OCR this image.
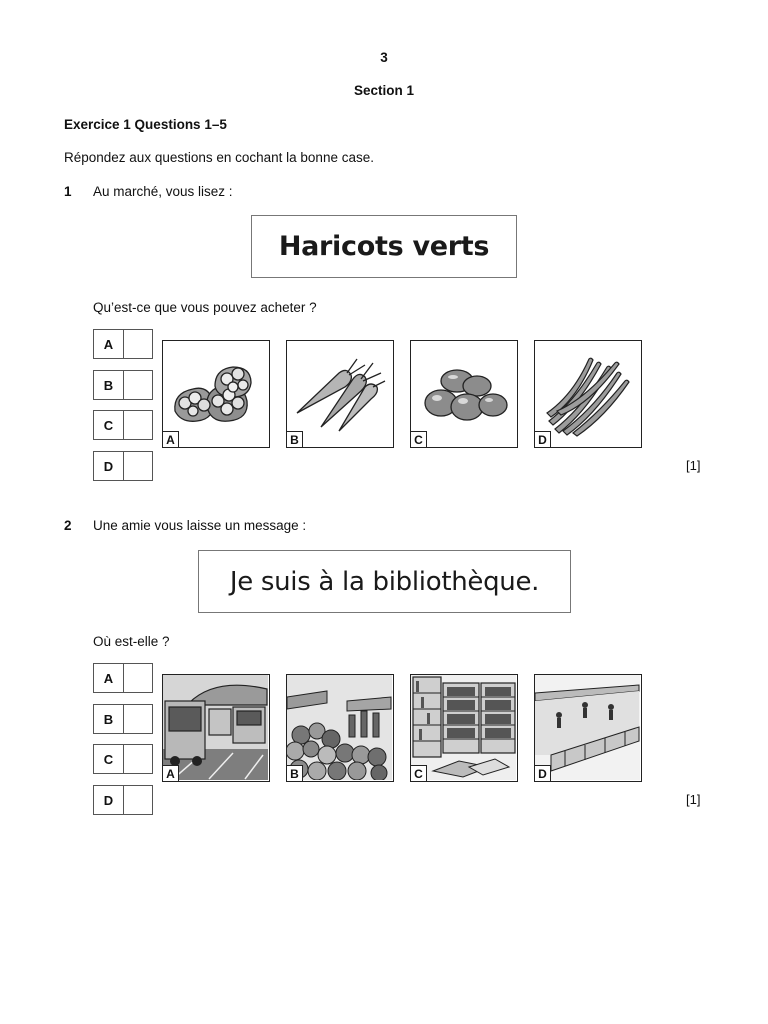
3
Section 1
Exercice 1 Questions 1–5
Répondez aux questions en cochant la bonne case.
1 Au marché, vous lisez :
Haricots verts
Qu’est-ce que vous pouvez acheter ?
A
B
C
D
A	B	C	D
[1]
2 Une amie vous laisse un message :
Je suis à la bibliothèque.
Où est-elle ?
A
B
C
D
A	B	C	D
[1]
